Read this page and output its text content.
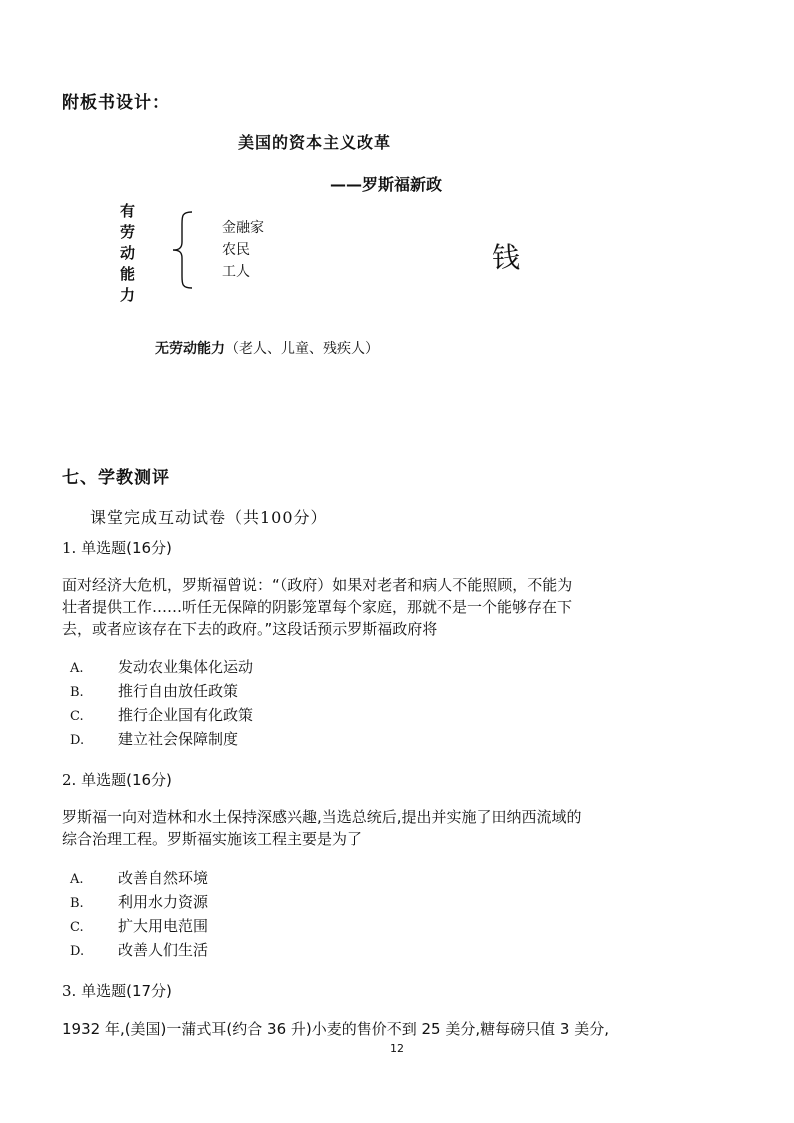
附板书设计：
美国的资本主义改革
——罗斯福新政
有
劳
动
能
力
金融家
农民
工人	钱
无劳动能力（老人、儿童、残疾人）
七、学教测评
课堂完成互动试卷（共100分）
1. 单选题(16分)
面对经济大危机，罗斯福曾说：“（政府）如果对老者和病人不能照顾，不能为
壮者提供工作……听任无保障的阴影笼罩每个家庭，那就不是一个能够存在下
去，或者应该存在下去的政府。”这段话预示罗斯福政府将
A. 发动农业集体化运动
B. 推行自由放任政策
C. 推行企业国有化政策
D. 建立社会保障制度
2. 单选题(16分)
罗斯福一向对造林和水土保持深感兴趣,当选总统后,提出并实施了田纳西流域的
综合治理工程。罗斯福实施该工程主要是为了
A. 改善自然环境
B. 利用水力资源
C. 扩大用电范围
D. 改善人们生活
3. 单选题(17分)
1932 年,(美国)一蒲式耳(约合 36 升)小麦的售价不到 25 美分,糖每磅只值 3 美分,
12
